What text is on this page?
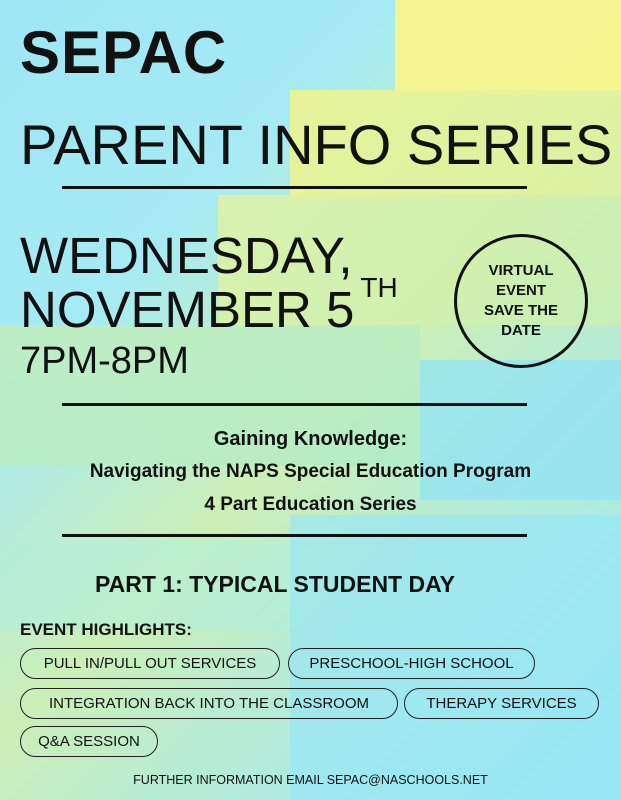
SEPAC
PARENT INFO SERIES
WEDNESDAY,
NOVEMBER 5 $^{TH}$
7PM-8PM
VIRTUAL
EVENT
SAVE THE
DATE
Gaining Knowledge:
Navigating the NAPS Special Education Program
4 Part Education Series
PART 1: TYPICAL STUDENT DAY
EVENT HIGHLIGHTS:
PULL IN/PULL OUT SERVICES	PRESCHOOL-HIGH SCHOOL
INTEGRATION BACK INTO THE CLASSROOM	THERAPY SERVICES
Q&A SESSION
FURTHER INFORMATION EMAIL SEPAC@NASCHOOLS.NET
